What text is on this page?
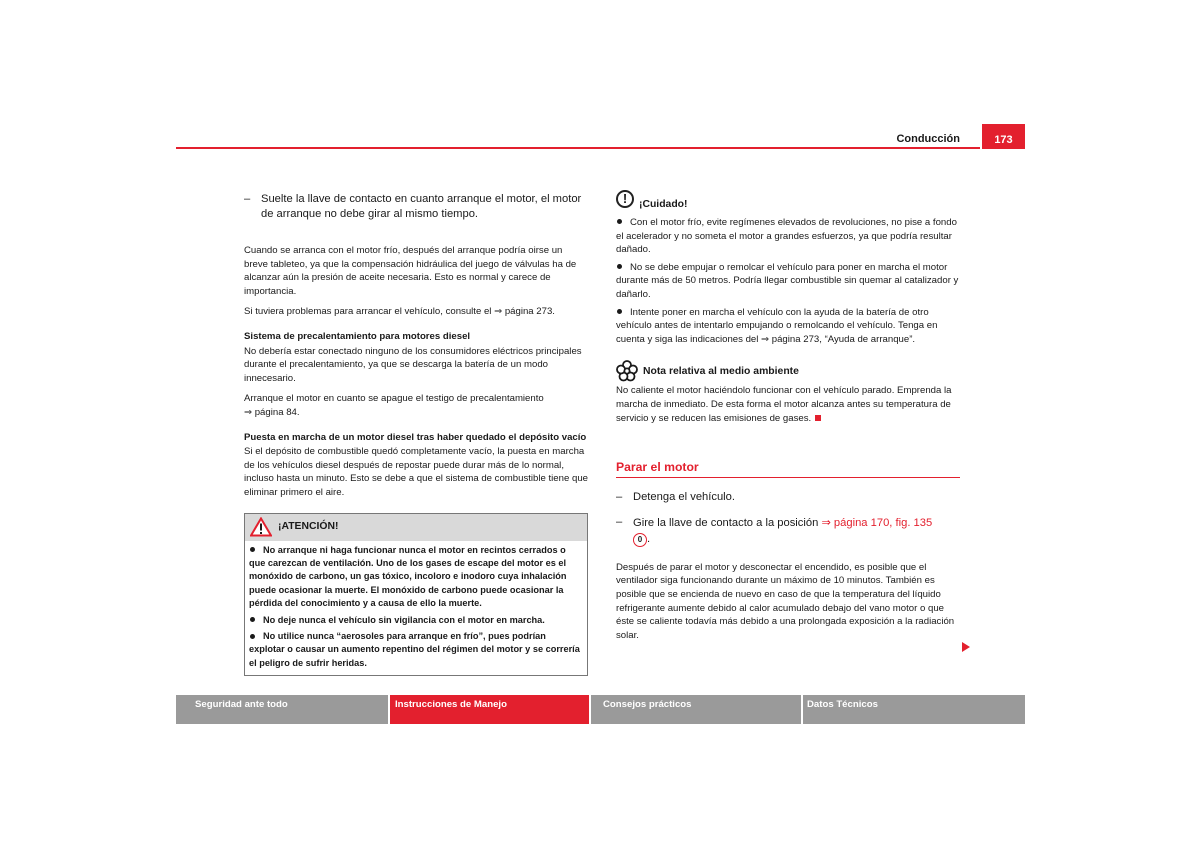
Conducción	173
– Suelte la llave de contacto en cuanto arranque el motor, el motor de arranque no debe girar al mismo tiempo.

Cuando se arranca con el motor frío, después del arranque podría oirse un breve tableteo, ya que la compensación hidráulica del juego de válvulas ha de alcanzar aún la presión de aceite necesaria. Esto es normal y carece de importancia.

Si tuviera problemas para arrancar el vehículo, consulte el ⇒ página 273.

Sistema de precalentamiento para motores diesel

No debería estar conectado ninguno de los consumidores eléctricos principales durante el precalentamiento, ya que se descarga la batería de un modo innecesario.

Arranque el motor en cuanto se apague el testigo de precalentamiento
⇒ página 84.

Puesta en marcha de un motor diesel tras haber quedado el depósito vacío

Si el depósito de combustible quedó completamente vacío, la puesta en marcha de los vehículos diesel después de repostar puede durar más de lo normal, incluso hasta un minuto. Esto se debe a que el sistema de combustible tiene que eliminar primero el aire.

¡ATENCIÓN!
No arranque ni haga funcionar nunca el motor en recintos cerrados o que carezcan de ventilación. Uno de los gases de escape del motor es el monóxido de carbono, un gas tóxico, incoloro e inodoro cuya inhalación puede ocasionar la muerte. El monóxido de carbono puede ocasionar la pérdida del conocimiento y a causa de ello la muerte.
No deje nunca el vehículo sin vigilancia con el motor en marcha.
No utilice nunca “aerosoles para arranque en frío”, pues podrían explotar o causar un aumento repentino del régimen del motor y se correría el peligro de sufrir heridas.
!	¡Cuidado!
Con el motor frío, evite regímenes elevados de revoluciones, no pise a fondo el acelerador y no someta el motor a grandes esfuerzos, ya que podría resultar dañado.
No se debe empujar o remolcar el vehículo para poner en marcha el motor durante más de 50 metros. Podría llegar combustible sin quemar al catalizador y dañarlo.
Intente poner en marcha el vehículo con la ayuda de la batería de otro vehículo antes de intentarlo empujando o remolcando el vehículo. Tenga en cuenta y siga las indicaciones del ⇒ página 273, “Ayuda de arranque”.
Nota relativa al medio ambiente

No caliente el motor haciéndolo funcionar con el vehículo parado. Emprenda la marcha de inmediato. De esta forma el motor alcanza antes su temperatura de servicio y se reducen las emisiones de gases.

Parar el motor
– Detenga el vehículo.
– Gire la llave de contacto a la posición ⇒ página 170, fig. 135
0 .

Después de parar el motor y desconectar el encendido, es posible que el ventilador siga funcionando durante un máximo de 10 minutos. También es posible que se encienda de nuevo en caso de que la temperatura del líquido refrigerante aumente debido al calor acumulado debajo del vano motor o que éste se caliente todavía más debido a una prolongada exposición a la radiación solar.

Seguridad ante todo	Instrucciones de Manejo	Consejos prácticos	Datos Técnicos
